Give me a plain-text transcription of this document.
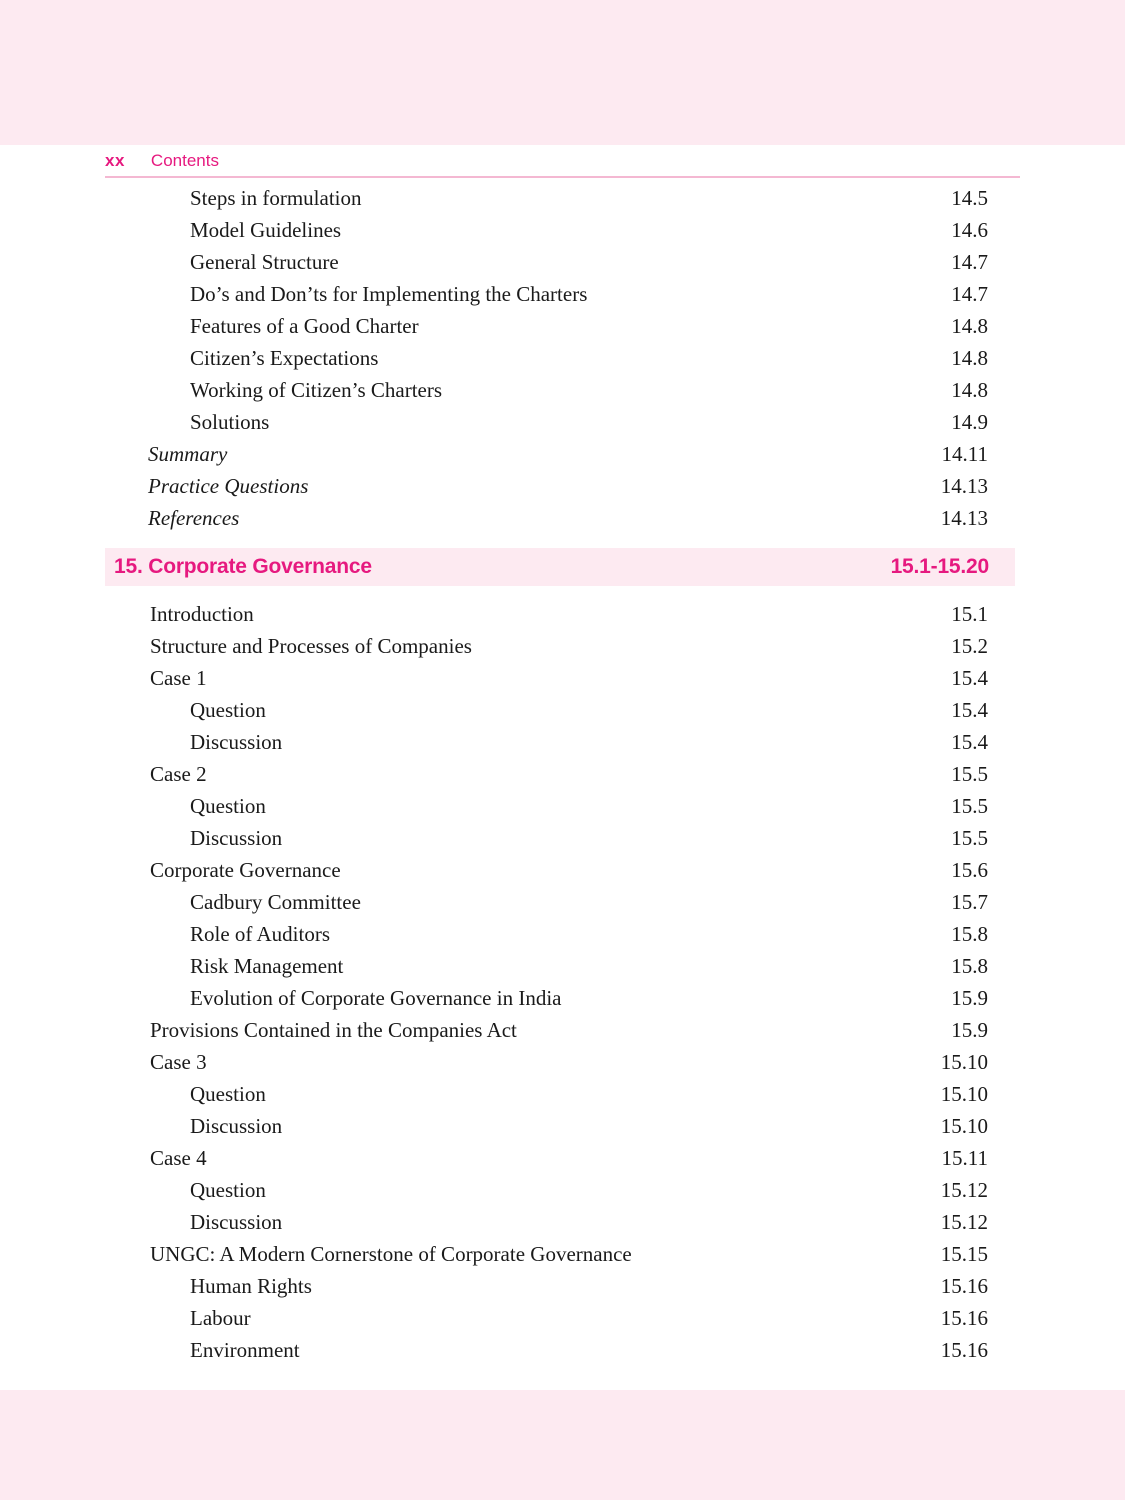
xx Contents
Steps in formulation	14.5
Model Guidelines	14.6
General Structure	14.7
Do’s and Don’ts for Implementing the Charters	14.7
Features of a Good Charter	14.8
Citizen’s Expectations	14.8
Working of Citizen’s Charters	14.8
Solutions	14.9
Summary	14.11
Practice Questions	14.13
References	14.13
15. Corporate Governance	15.1-15.20
Introduction	15.1
Structure and Processes of Companies	15.2
Case 1	15.4
Question	15.4
Discussion	15.4
Case 2	15.5
Question	15.5
Discussion	15.5
Corporate Governance	15.6
Cadbury Committee	15.7
Role of Auditors	15.8
Risk Management	15.8
Evolution of Corporate Governance in India	15.9
Provisions Contained in the Companies Act	15.9
Case 3	15.10
Question	15.10
Discussion	15.10
Case 4	15.11
Question	15.12
Discussion	15.12
UNGC: A Modern Cornerstone of Corporate Governance	15.15
Human Rights	15.16
Labour	15.16
Environment	15.16
